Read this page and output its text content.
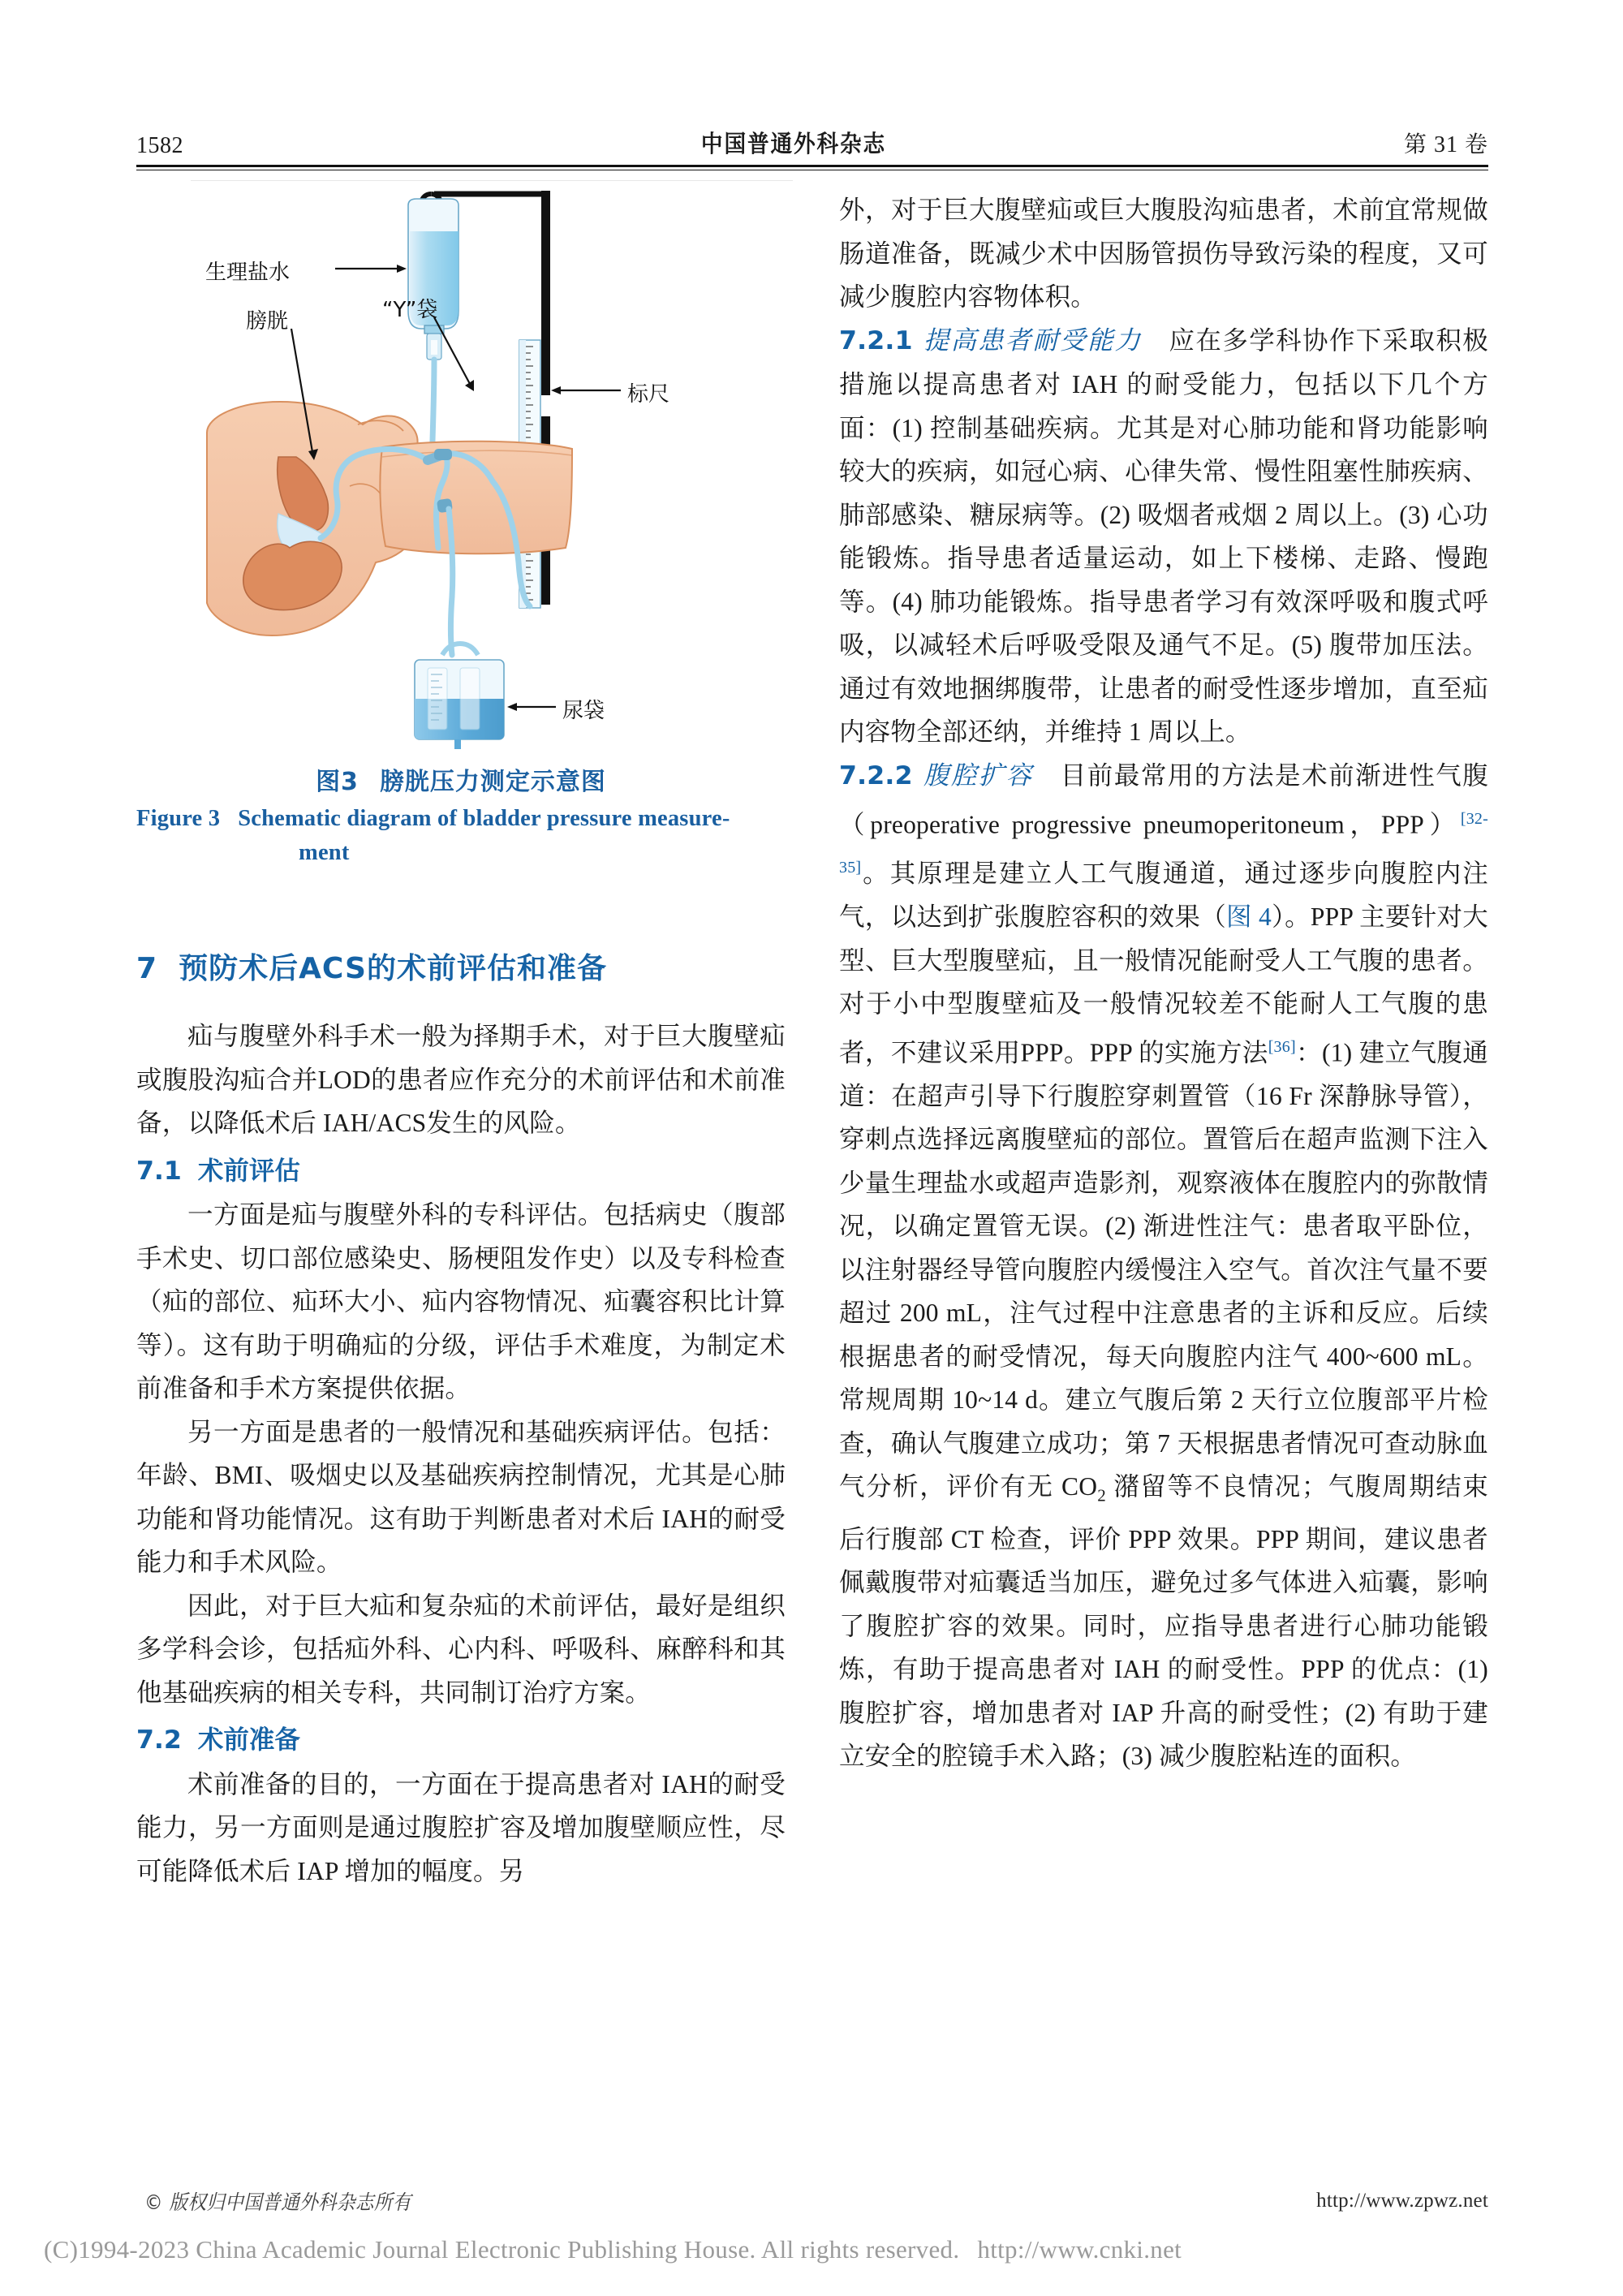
1582	中国普通外科杂志	第 31 卷
生理盐水
标尺
膀胱	“Y”袋
尿袋
图3 膀胱压力测定示意图
Figure 3 Schematic diagram of bladder pressure measure-
ment
7 预防术后ACS的术前评估和准备

疝与腹壁外科手术一般为择期手术，对于巨大腹壁疝或腹股沟疝合并LOD的患者应作充分的术前评估和术前准备，以降低术后 IAH/ACS发生的风险。

7.1 术前评估

一方面是疝与腹壁外科的专科评估。包括病史（腹部手术史、切口部位感染史、肠梗阻发作史）以及专科检查（疝的部位、疝环大小、疝内容物情况、疝囊容积比计算等）。这有助于明确疝的分级，评估手术难度，为制定术前准备和手术方案提供依据。

另一方面是患者的一般情况和基础疾病评估。包括：年龄、BMI、吸烟史以及基础疾病控制情况，尤其是心肺功能和肾功能情况。这有助于判断患者对术后 IAH的耐受能力和手术风险。

因此，对于巨大疝和复杂疝的术前评估，最好是组织多学科会诊，包括疝外科、心内科、呼吸科、麻醉科和其他基础疾病的相关专科，共同制订治疗方案。

7.2 术前准备

术前准备的目的，一方面在于提高患者对 IAH的耐受能力，另一方面则是通过腹腔扩容及增加腹壁顺应性，尽可能降低术后 IAP 增加的幅度。另

外，对于巨大腹壁疝或巨大腹股沟疝患者，术前宜常规做肠道准备，既减少术中因肠管损伤导致污染的程度，又可减少腹腔内容物体积。

7.2.1 提高患者耐受能力 应在多学科协作下采取积极措施以提高患者对 IAH 的耐受能力，包括以下几个方面：(1) 控制基础疾病。尤其是对心肺功能和肾功能影响较大的疾病，如冠心病、心律失常、慢性阻塞性肺疾病、肺部感染、糖尿病等。(2) 吸烟者戒烟 2 周以上。(3) 心功能锻炼。指导患者适量运动，如上下楼梯、走路、慢跑等。(4) 肺功能锻炼。指导患者学习有效深呼吸和腹式呼吸，以减轻术后呼吸受限及通气不足。(5) 腹带加压法。通过有效地捆绑腹带，让患者的耐受性逐步增加，直至疝内容物全部还纳，并维持 1 周以上。

7.2.2 腹腔扩容 目前最常用的方法是术前渐进性气腹（preoperative progressive pneumoperitoneum，PPP）[32-35]。其原理是建立人工气腹通道，通过逐步向腹腔内注气，以达到扩张腹腔容积的效果（图 4）。PPP 主要针对大型、巨大型腹壁疝，且一般情况能耐受人工气腹的患者。对于小中型腹壁疝及一般情况较差不能耐人工气腹的患者，不建议采用PPP。PPP 的实施方法[36]：(1) 建立气腹通道：在超声引导下行腹腔穿刺置管（16 Fr 深静脉导管），穿刺点选择远离腹壁疝的部位。置管后在超声监测下注入少量生理盐水或超声造影剂，观察液体在腹腔内的弥散情况，以确定置管无误。(2) 渐进性注气：患者取平卧位，以注射器经导管向腹腔内缓慢注入空气。首次注气量不要超过 200 mL，注气过程中注意患者的主诉和反应。后续根据患者的耐受情况，每天向腹腔内注气 400~600 mL。常规周期 10~14 d。建立气腹后第 2 天行立位腹部平片检查，确认气腹建立成功；第 7 天根据患者情况可查动脉血气分析，评价有无 $CO_2$ 潴留等不良情况；气腹周期结束后行腹部 CT 检查，评价 PPP 效果。PPP 期间，建议患者佩戴腹带对疝囊适当加压，避免过多气体进入疝囊，影响了腹腔扩容的效果。同时，应指导患者进行心肺功能锻炼，有助于提高患者对 IAH 的耐受性。PPP 的优点：(1) 腹腔扩容，增加患者对 IAP 升高的耐受性；(2) 有助于建立安全的腔镜手术入路；(3) 减少腹腔粘连的面积。

© 版权归中国普通外科杂志所有	http://www.zpwz.net
(C)1994-2023 China Academic Journal Electronic Publishing House. All rights reserved. http://www.cnki.net
